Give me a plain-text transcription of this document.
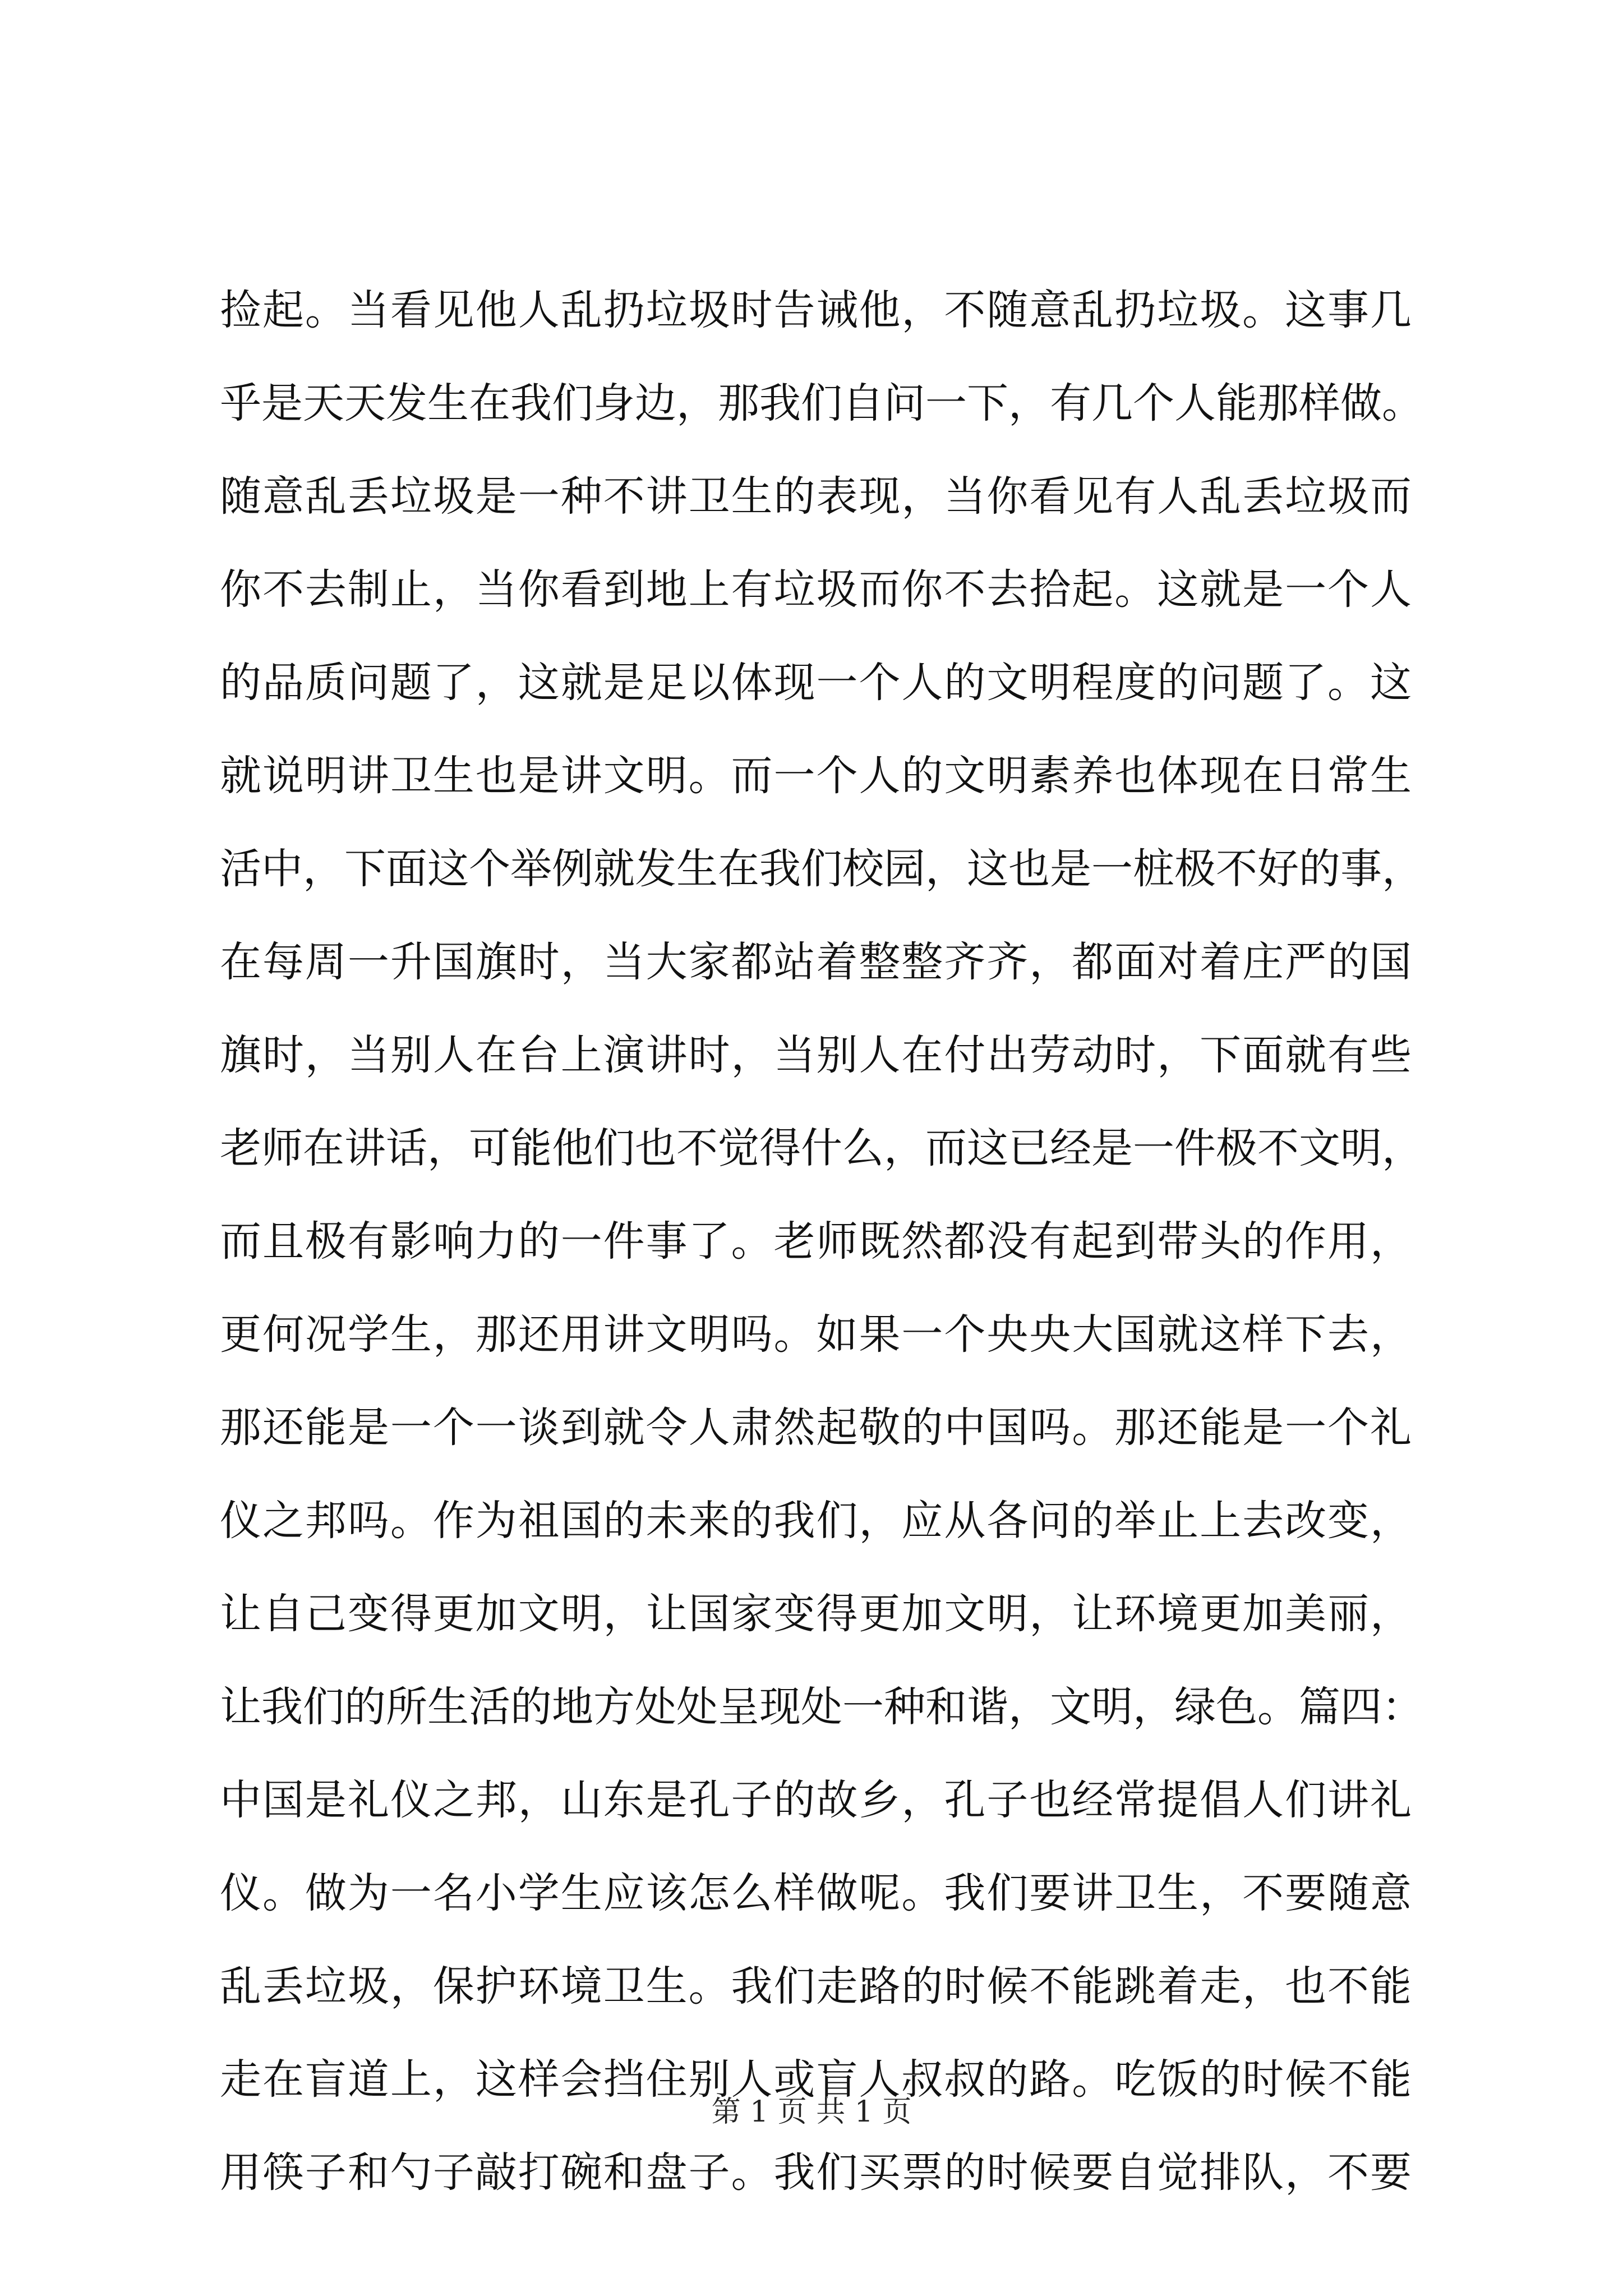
捡起。当看见他人乱扔垃圾时告诫他，不随意乱扔垃圾。这事几
乎是天天发生在我们身边，那我们自问一下，有几个人能那样做。
随意乱丢垃圾是一种不讲卫生的表现，当你看见有人乱丢垃圾而
你不去制止，当你看到地上有垃圾而你不去拾起。这就是一个人
的品质问题了，这就是足以体现一个人的文明程度的问题了。这
就说明讲卫生也是讲文明。而一个人的文明素养也体现在日常生
活中，下面这个举例就发生在我们校园，这也是一桩极不好的事，
在每周一升国旗时，当大家都站着整整齐齐，都面对着庄严的国
旗时，当别人在台上演讲时，当别人在付出劳动时，下面就有些
老师在讲话，可能他们也不觉得什么，而这已经是一件极不文明，
而且极有影响力的一件事了。老师既然都没有起到带头的作用，
更何况学生，那还用讲文明吗。如果一个央央大国就这样下去，
那还能是一个一谈到就令人肃然起敬的中国吗。那还能是一个礼
仪之邦吗。作为祖国的未来的我们，应从各问的举止上去改变，
让自己变得更加文明，让国家变得更加文明，让环境更加美丽，
让我们的所生活的地方处处呈现处一种和谐，文明，绿色。篇四：
中国是礼仪之邦，山东是孔子的故乡，孔子也经常提倡人们讲礼
仪。做为一名小学生应该怎么样做呢。我们要讲卫生，不要随意
乱丢垃圾，保护环境卫生。我们走路的时候不能跳着走，也不能
走在盲道上，这样会挡住别人或盲人叔叔的路。吃饭的时候不能
用筷子和勺子敲打碗和盘子。我们买票的时候要自觉排队，不要
第 1 页 共 1 页
